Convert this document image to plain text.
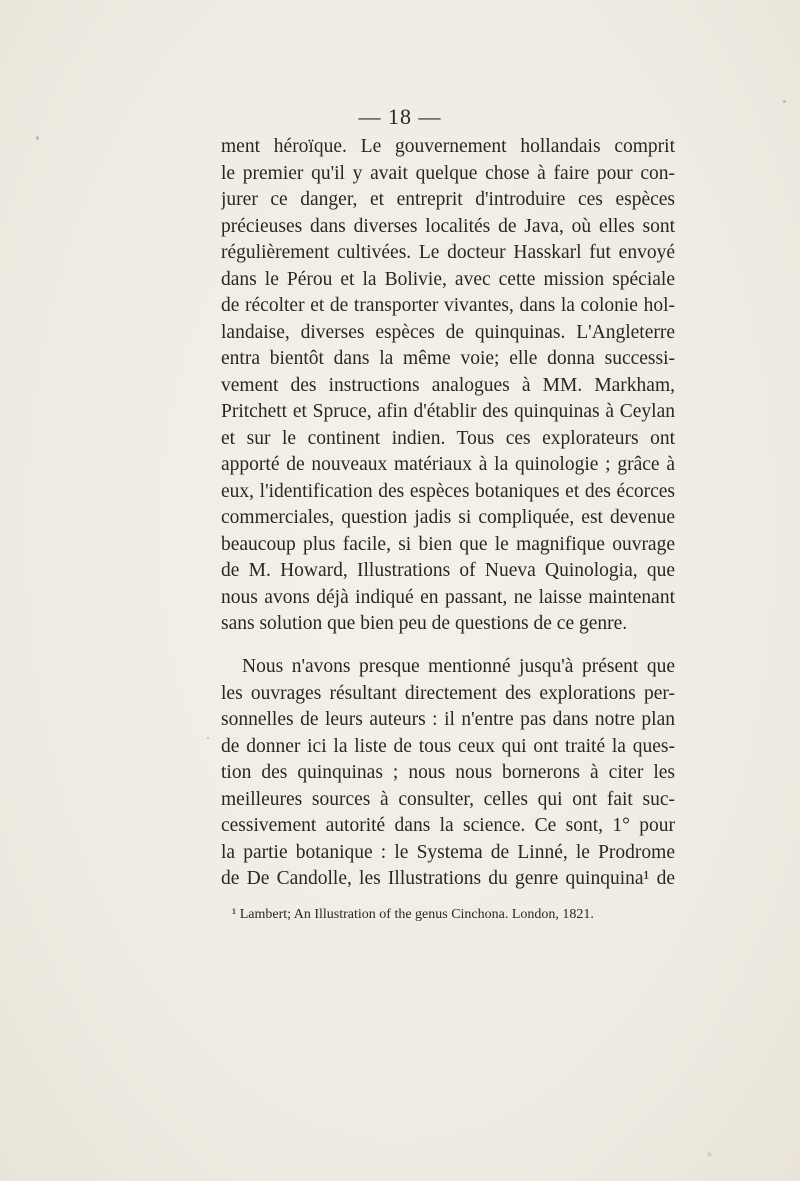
— 18 —
ment héroïque. Le gouvernement hollandais comprit
le premier qu'il y avait quelque chose à faire pour con-
jurer ce danger, et entreprit d'introduire ces espèces
précieuses dans diverses localités de Java, où elles sont
régulièrement cultivées. Le docteur Hasskarl fut envoyé
dans le Pérou et la Bolivie, avec cette mission spéciale
de récolter et de transporter vivantes, dans la colonie hol-
landaise, diverses espèces de quinquinas. L'Angleterre
entra bientôt dans la même voie; elle donna successi-
vement des instructions analogues à MM. Markham,
Pritchett et Spruce, afin d'établir des quinquinas à Ceylan
et sur le continent indien. Tous ces explorateurs ont
apporté de nouveaux matériaux à la quinologie ; grâce à
eux, l'identification des espèces botaniques et des écorces
commerciales, question jadis si compliquée, est devenue
beaucoup plus facile, si bien que le magnifique ouvrage
de M. Howard, Illustrations of Nueva Quinologia, que
nous avons déjà indiqué en passant, ne laisse maintenant
sans solution que bien peu de questions de ce genre.
Nous n'avons presque mentionné jusqu'à présent que
les ouvrages résultant directement des explorations per-
sonnelles de leurs auteurs : il n'entre pas dans notre plan
de donner ici la liste de tous ceux qui ont traité la ques-
tion des quinquinas ; nous nous bornerons à citer les
meilleures sources à consulter, celles qui ont fait suc-
cessivement autorité dans la science. Ce sont, 1° pour
la partie botanique : le Systema de Linné, le Prodrome
de De Candolle, les Illustrations du genre quinquina¹ de
¹ Lambert; An Illustration of the genus Cinchona. London, 1821.
